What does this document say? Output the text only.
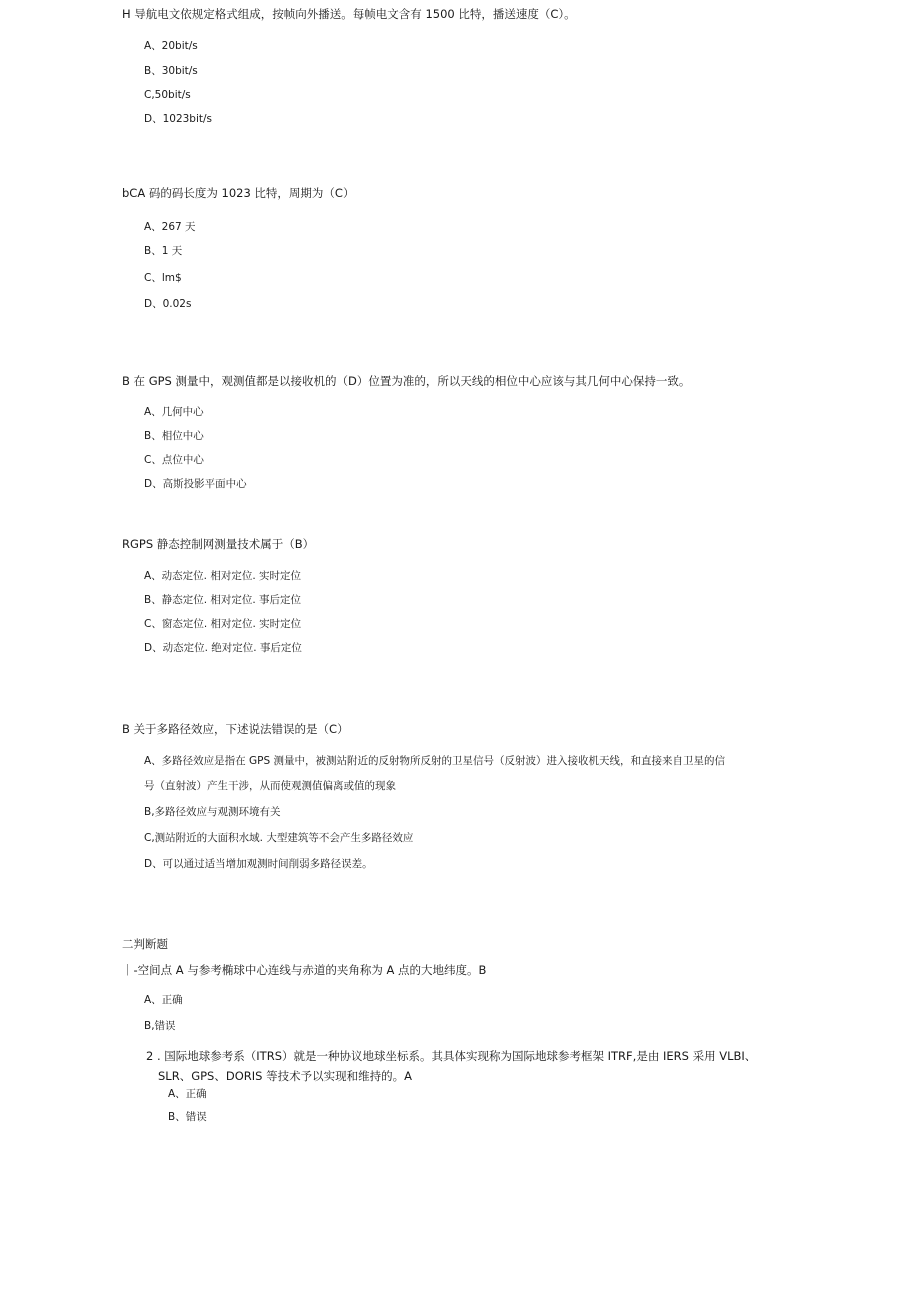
H 导航电文依规定格式组成，按帧向外播送。每帧电文含有 1500 比特，播送速度（C）。

A、20bit/s

B、30bit/s

C,50bit/s

D、1023bit/s

bCA 码的码长度为 1023 比特，周期为（C）

A、267 天

B、1 天

C、lm$

D、0.02s

B 在 GPS 测量中，观测值都是以接收机的（D）位置为准的，所以天线的相位中心应该与其几何中心保持一致。

A、几何中心

B、相位中心

C、点位中心

D、高斯投影平面中心

RGPS 静态控制网测量技术属于（B）

A、动态定位. 相对定位. 实时定位

B、静态定位. 相对定位. 事后定位

C、窗态定位. 相对定位. 实时定位

D、动态定位. 绝对定位. 事后定位

B 关于多路径效应，下述说法错误的是（C）

A、多路径效应是指在 GPS 测量中，被测站附近的反射物所反射的卫星信号（反射波）进入接收机天线，和直接来自卫星的信

号（直射波）产生干涉，从而使观测值偏离或值的现象

B,多路径效应与观测环境有关

C,测站附近的大面积水域. 大型建筑等不会产生多路径效应

D、可以通过适当增加观测时间削弱多路径误差。

二判断题

｜-空间点 A 与参考椭球中心连线与赤道的夹角称为 A 点的大地纬度。B

A、正确

B,错误

2 . 国际地球参考系（ITRS）就是一种协议地球坐标系。其具体实现称为国际地球参考框架 ITRF,是由 IERS 采用 VLBI、

SLR、GPS、DORIS 等技术予以实现和维持的。A

A、正确

B、错误
